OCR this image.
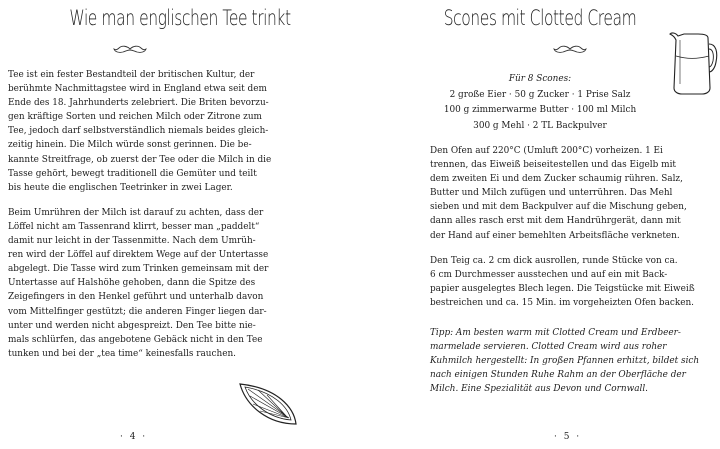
Wie man englischen Tee trinkt

Tee ist ein fester Bestandteil der britischen Kultur, der
berühmte Nachmittagstee wird in England etwa seit dem
Ende des 18. Jahrhunderts zelebriert. Die Briten bevorzu-
gen kräftige Sorten und reichen Milch oder Zitrone zum
Tee, jedoch darf selbstverständlich niemals beides gleich-
zeitig hinein. Die Milch würde sonst gerinnen. Die be-
kannte Streitfrage, ob zuerst der Tee oder die Milch in die
Tasse gehört, bewegt traditionell die Gemüter und teilt
bis heute die englischen Teetrinker in zwei Lager.

Beim Umrühren der Milch ist darauf zu achten, dass der
Löffel nicht am Tassenrand klirrt, besser man „paddelt“
damit nur leicht in der Tassenmitte. Nach dem Umrüh-
ren wird der Löffel auf direktem Wege auf der Untertasse
abgelegt. Die Tasse wird zum Trinken gemeinsam mit der
Untertasse auf Halshöhe gehoben, dann die Spitze des
Zeigefingers in den Henkel geführt und unterhalb davon
vom Mittelfinger gestützt; die anderen Finger liegen dar-
unter und werden nicht abgespreizt. Den Tee bitte nie-
mals schlürfen, das angebotene Gebäck nicht in den Tee
tunken und bei der „tea time“ keinesfalls rauchen.

· 4 ·
Scones mit Clotted Cream
Für 8 Scones:
2 große Eier · 50 g Zucker · 1 Prise Salz
100 g zimmerwarme Butter · 100 ml Milch
300 g Mehl · 2 TL Backpulver

Den Ofen auf 220°C (Umluft 200°C) vorheizen. 1 Ei
trennen, das Eiweiß beiseitestellen und das Eigelb mit
dem zweiten Ei und dem Zucker schaumig rühren. Salz,
Butter und Milch zufügen und unterrühren. Das Mehl
sieben und mit dem Backpulver auf die Mischung geben,
dann alles rasch erst mit dem Handrührgerät, dann mit
der Hand auf einer bemehlten Arbeitsfläche verkneten.

Den Teig ca. 2 cm dick ausrollen, runde Stücke von ca.
6 cm Durchmesser ausstechen und auf ein mit Back-
papier ausgelegtes Blech legen. Die Teigstücke mit Eiweiß
bestreichen und ca. 15 Min. im vorgeheizten Ofen backen.

Tipp: Am besten warm mit Clotted Cream und Erdbeer-
marmelade servieren. Clotted Cream wird aus roher
Kuhmilch hergestellt: In großen Pfannen erhitzt, bildet sich
nach einigen Stunden Ruhe Rahm an der Oberfläche der
Milch. Eine Spezialität aus Devon und Cornwall.
· 5 ·
